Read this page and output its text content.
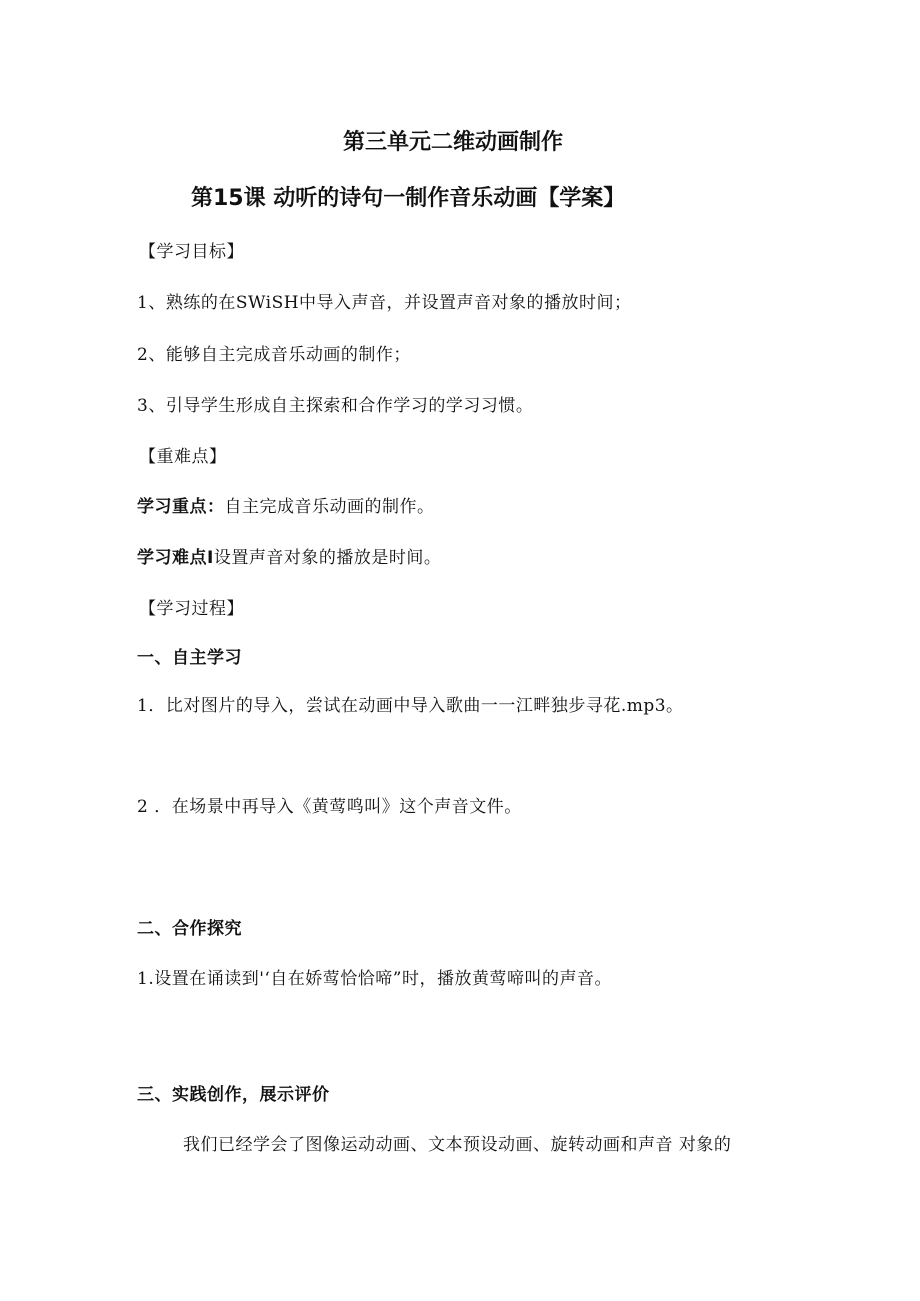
第三单元二维动画制作
第15课 动听的诗句一制作音乐动画【学案】
【学习目标】
1、熟练的在SWiSH中导入声音，并设置声音对象的播放时间；
2、能够自主完成音乐动画的制作；
3、引导学生形成自主探索和合作学习的学习习惯。
【重难点】
学习重点：自主完成音乐动画的制作。
学习难点I设置声音对象的播放是时间。
【学习过程】
一、自主学习
1．比对图片的导入，尝试在动画中导入歌曲一一江畔独步寻花.mp3。
2 ．在场景中再导入《黄莺鸣叫》这个声音文件。
二、合作探究
1.设置在诵读到'‘自在娇莺恰恰啼”时，播放黄莺啼叫的声音。
三、实践创作，展示评价
我们已经学会了图像运动动画、文本预设动画、旋转动画和声音 对象的
